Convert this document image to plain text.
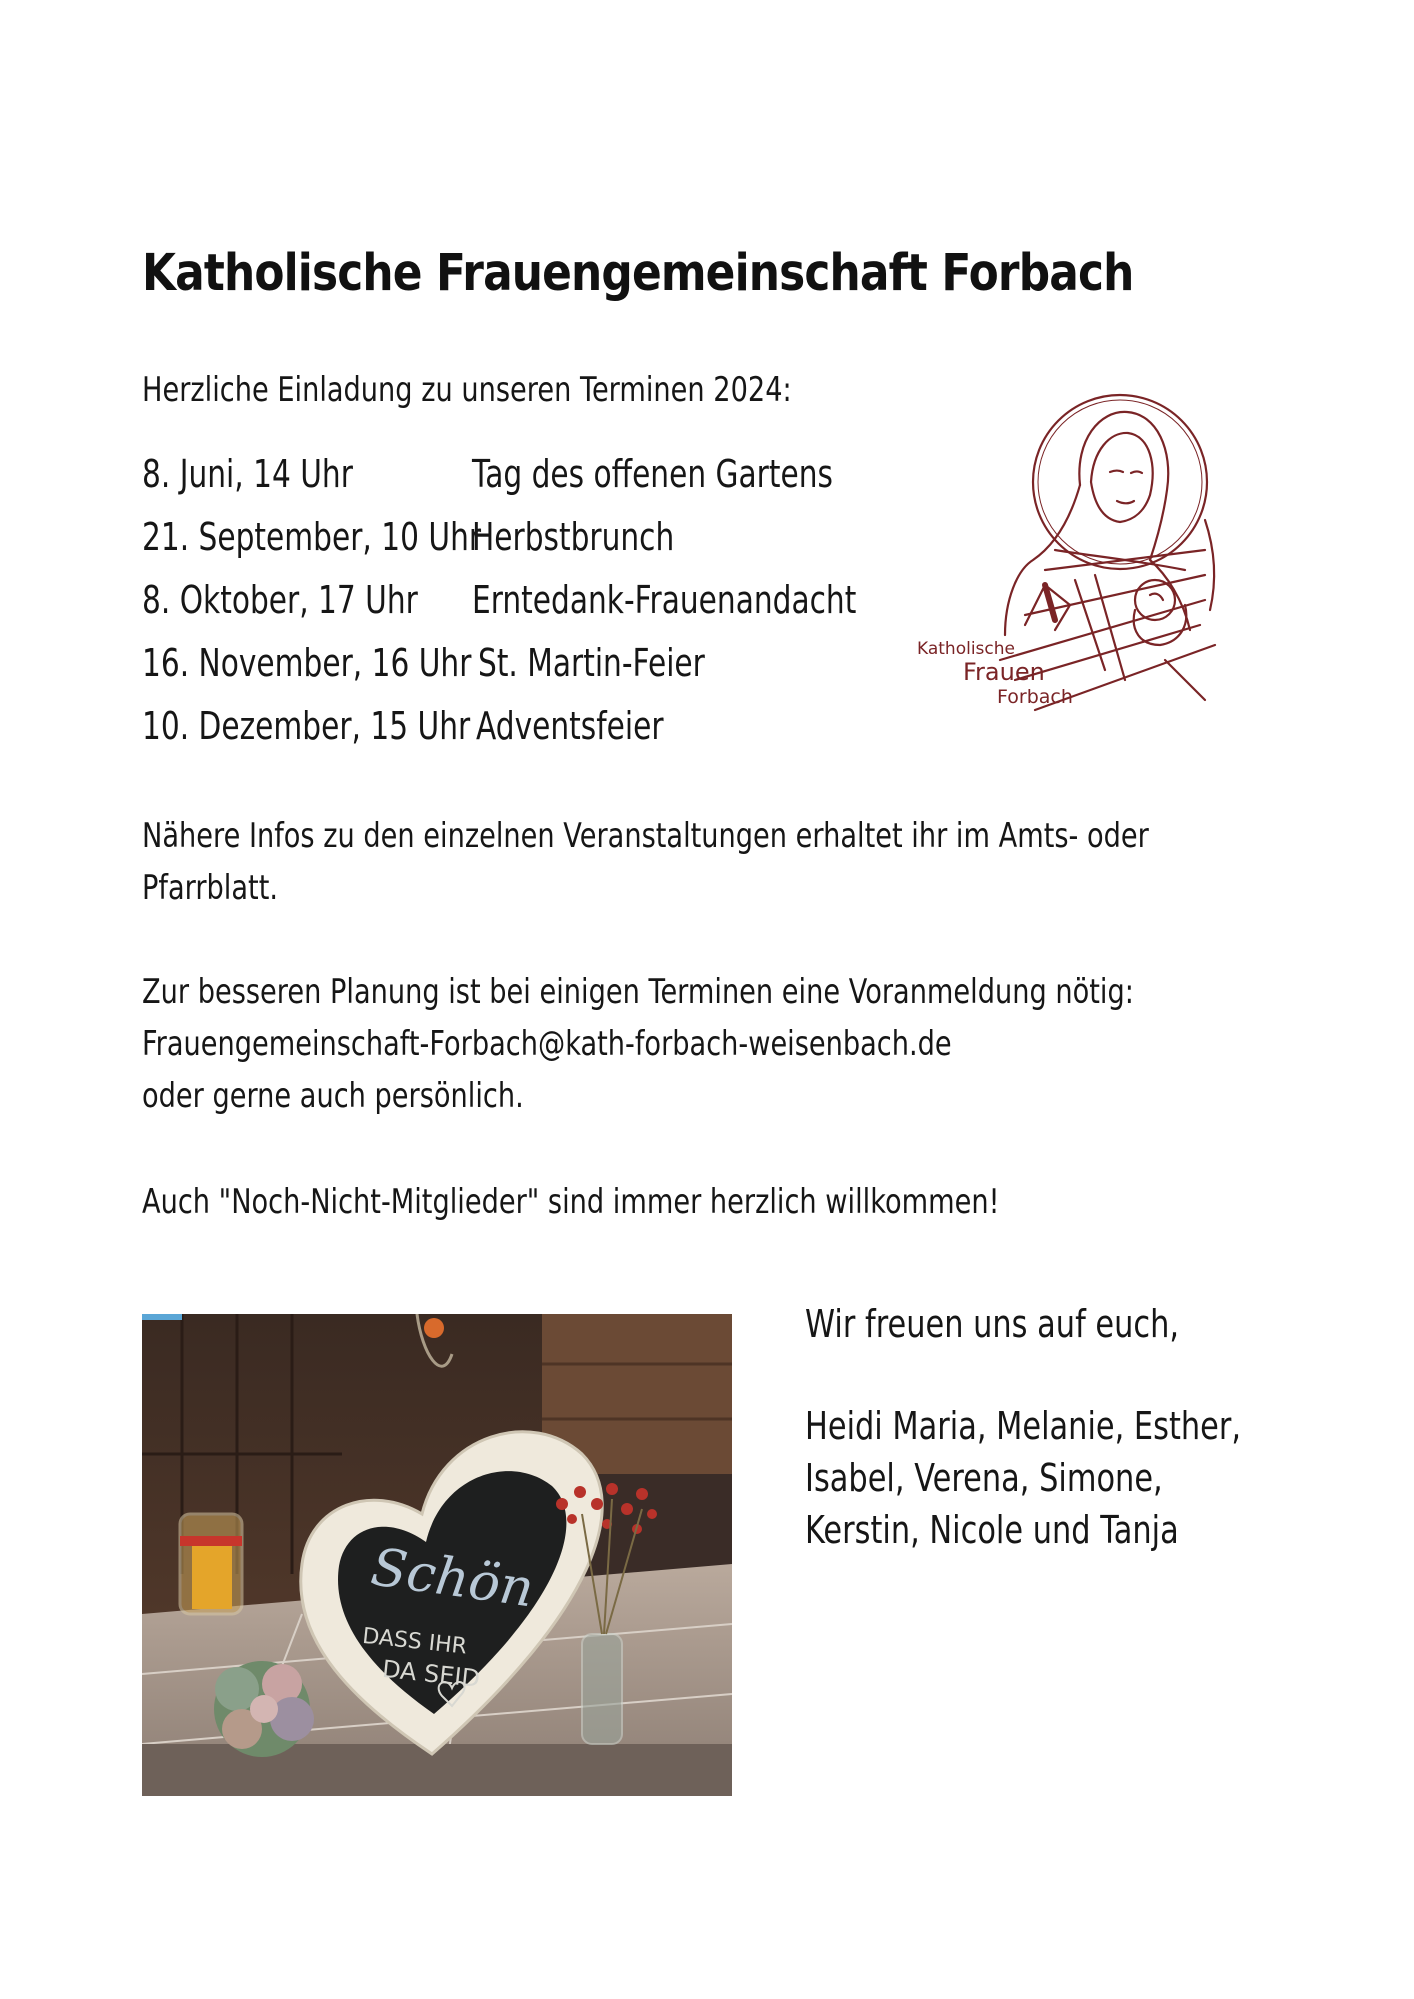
Katholische Frauengemeinschaft Forbach
Herzliche Einladung zu unseren Terminen 2024:
8. Juni, 14 Uhr	Tag des offenen Gartens
21. September, 10 Uhr
Herbstbrunch
8. Oktober, 17 Uhr Erntedank-Frauenandacht
16. November, 16 Uhr St. Martin-Feier
10. Dezember, 15 Uhr Adventsfeier
Katholische
Frauen
Forbach
Nähere Infos zu den einzelnen Veranstaltungen erhaltet ihr im Amts- oder
Pfarrblatt.
Zur besseren Planung ist bei einigen Terminen eine Voranmeldung nötig:
Frauengemeinschaft-Forbach@kath-forbach-weisenbach.de
oder gerne auch persönlich.
Auch "Noch-Nicht-Mitglieder" sind immer herzlich willkommen!
Schön
DASS IHR
DA SEID
Wir freuen uns auf euch,
Heidi Maria, Melanie, Esther,
Isabel, Verena, Simone,
Kerstin, Nicole und Tanja
